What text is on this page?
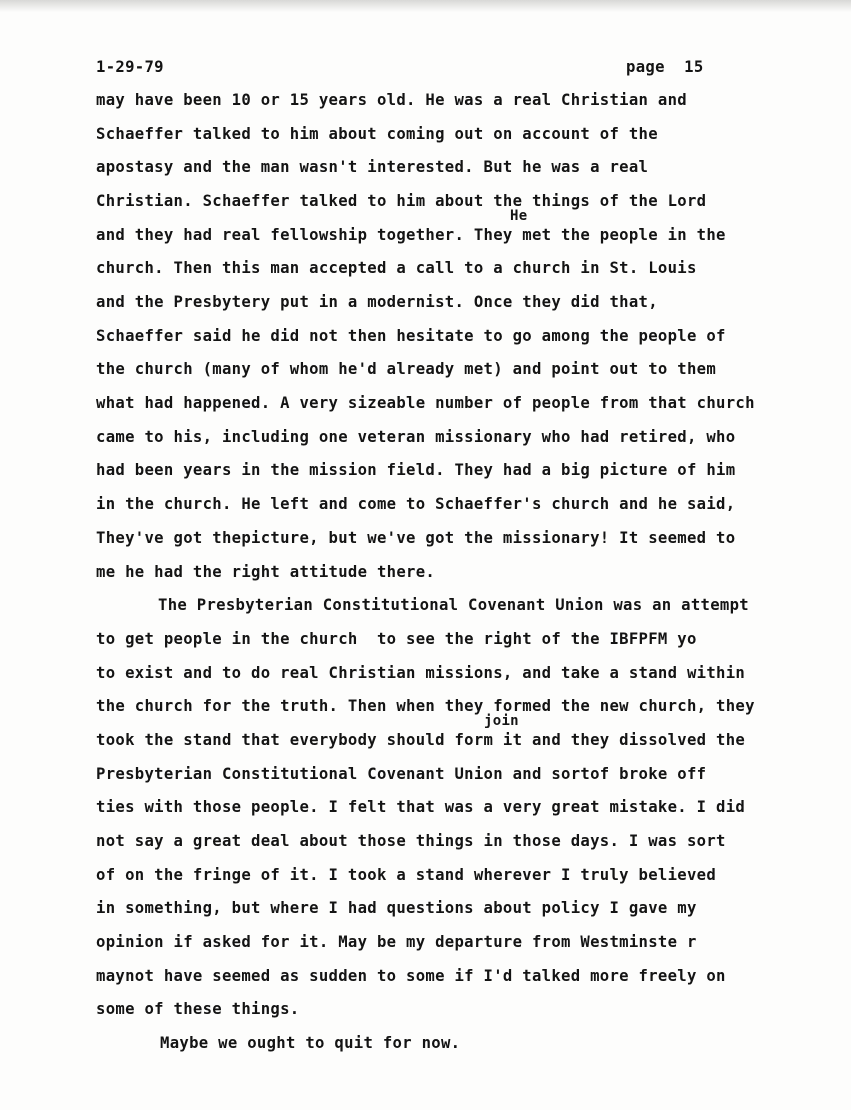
1-29-79	page  15
may have been 10 or 15 years old. He was a real Christian and
Schaeffer talked to him about coming out on account of the
apostasy and the man wasn't interested. But he was a real
Christian. Schaeffer talked to him about the things of the Lord
He
and they had real fellowship together. They met the people in the
church. Then this man accepted a call to a church in St. Louis
and the Presbytery put in a modernist. Once they did that,
Schaeffer said he did not then hesitate to go among the people of
the church (many of whom he'd already met) and point out to them
what had happened. A very sizeable number of people from that church
came to his, including one veteran missionary who had retired, who
had been years in the mission field. They had a big picture of him
in the church. He left and come to Schaeffer's church and he said,
They've got thepicture, but we've got the missionary! It seemed to
me he had the right attitude there.
The Presbyterian Constitutional Covenant Union was an attempt
to get people in the church  to see the right of the IBFPFM yo
to exist and to do real Christian missions, and take a stand within
the church for the truth. Then when they formed the new church, they
join
took the stand that everybody should form it and they dissolved the
Presbyterian Constitutional Covenant Union and sortof broke off
ties with those people. I felt that was a very great mistake. I did
not say a great deal about those things in those days. I was sort
of on the fringe of it. I took a stand wherever I truly believed
in something, but where I had questions about policy I gave my
opinion if asked for it. May be my departure from Westminste r
maynot have seemed as sudden to some if I'd talked more freely on
some of these things.
Maybe we ought to quit for now.
